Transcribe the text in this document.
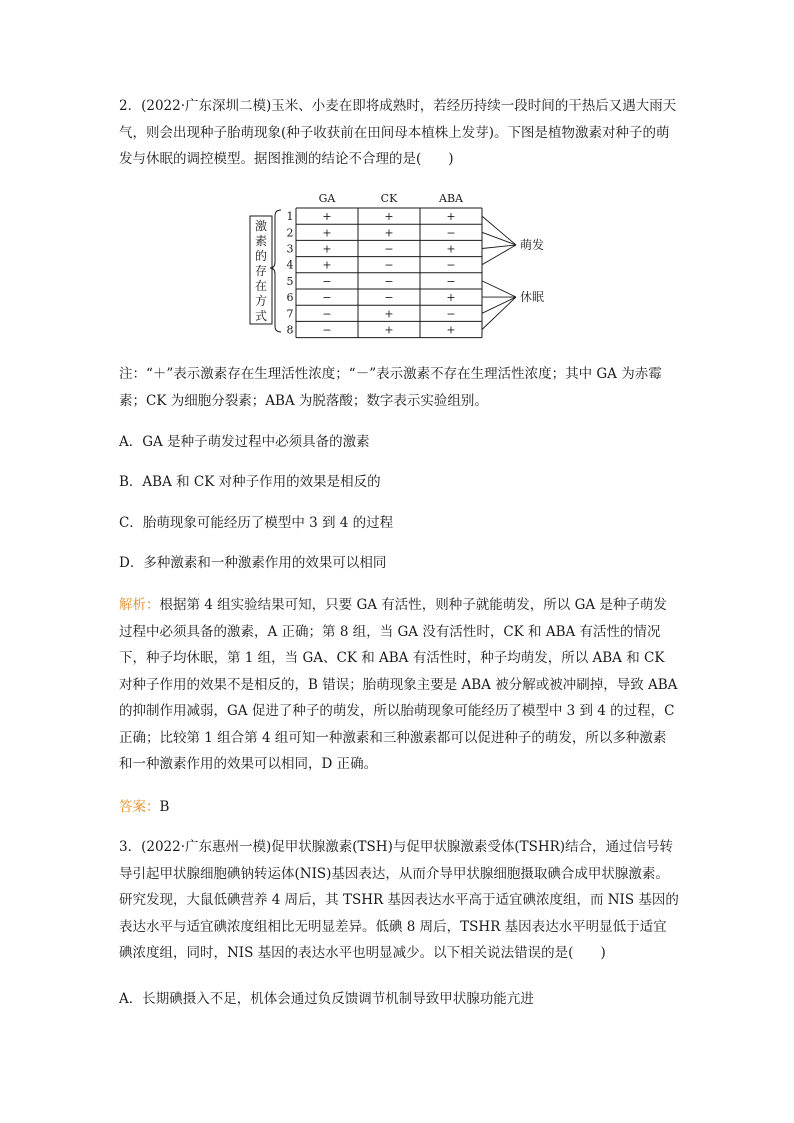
2．(2022·广东深圳二模)玉米、小麦在即将成熟时，若经历持续一段时间的干热后又遇大雨天气，则会出现种子胎萌现象(种子收获前在田间母本植株上发芽)。下图是植物激素对种子的萌发与休眠的调控模型。据图推测的结论不合理的是(　　)
激
素
的
存
在
方
式
GA	CK	ABA
1	+	+	+
2	+	+	−
3	+	−	+
4	+	−	−
5	−	−	−
6	−	−	+
7	−	+	−
8	−	+	+
萌发
休眠
注：“＋”表示激素存在生理活性浓度；“－”表示激素不存在生理活性浓度；其中 GA 为赤霉素；CK 为细胞分裂素；ABA 为脱落酸；数字表示实验组别。
A．GA 是种子萌发过程中必须具备的激素
B．ABA 和 CK 对种子作用的效果是相反的
C．胎萌现象可能经历了模型中 3 到 4 的过程
D．多种激素和一种激素作用的效果可以相同
解析：根据第 4 组实验结果可知，只要 GA 有活性，则种子就能萌发，所以 GA 是种子萌发过程中必须具备的激素，A 正确；第 8 组，当 GA 没有活性时，CK 和 ABA 有活性的情况下，种子均休眠，第 1 组，当 GA、CK 和 ABA 有活性时，种子均萌发，所以 ABA 和 CK 对种子作用的效果不是相反的，B 错误；胎萌现象主要是 ABA 被分解或被冲刷掉，导致 ABA 的抑制作用减弱，GA 促进了种子的萌发，所以胎萌现象可能经历了模型中 3 到 4 的过程，C 正确；比较第 1 组合第 4 组可知一种激素和三种激素都可以促进种子的萌发，所以多种激素和一种激素作用的效果可以相同，D 正确。
答案：B
3．(2022·广东惠州一模)促甲状腺激素(TSH)与促甲状腺激素受体(TSHR)结合，通过信号转导引起甲状腺细胞碘钠转运体(NIS)基因表达，从而介导甲状腺细胞摄取碘合成甲状腺激素。研究发现，大鼠低碘营养 4 周后，其 TSHR 基因表达水平高于适宜碘浓度组，而 NIS 基因的表达水平与适宜碘浓度组相比无明显差异。低碘 8 周后，TSHR 基因表达水平明显低于适宜碘浓度组，同时，NIS 基因的表达水平也明显减少。以下相关说法错误的是(　　)
A．长期碘摄入不足，机体会通过负反馈调节机制导致甲状腺功能亢进
